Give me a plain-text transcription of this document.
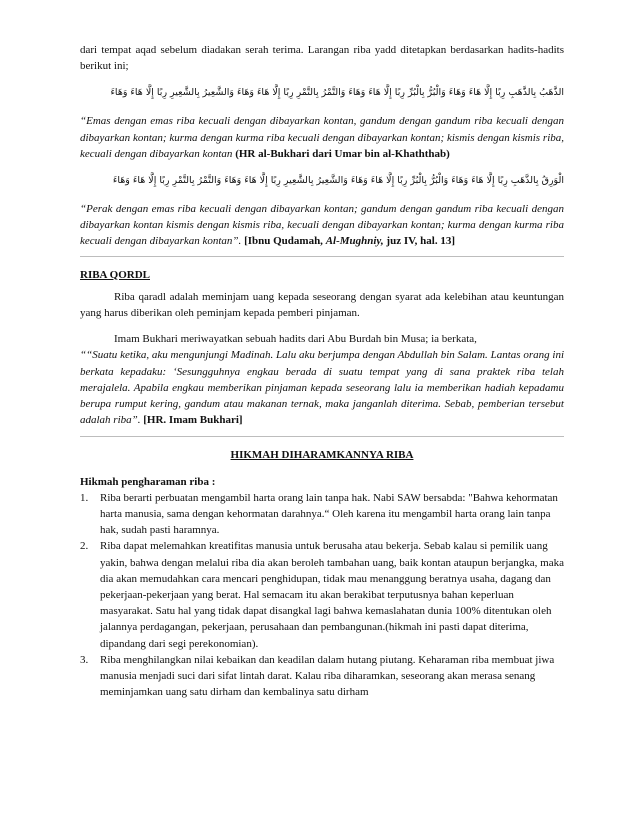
dari tempat aqad sebelum diadakan serah terima. Larangan riba yadd ditetapkan berdasarkan hadits-hadits berikut ini;

الذَّهَبُ بِالذَّهَبِ رِبًا إِلَّا هَاءَ وَهَاءَ وَالْبُرُّ بِالْبُرِّ رِبًا إِلَّا هَاءَ وَهَاءَ وَالتَّمْرُ بِالتَّمْرِ رِبًا إِلَّا هَاءَ وَهَاءَ وَالشَّعِيرُ بِالشَّعِيرِ رِبًا إِلَّا هَاءَ وَهَاءَ

“Emas dengan emas riba kecuali dengan dibayarkan kontan, gandum dengan gandum riba kecuali dengan dibayarkan kontan; kurma dengan kurma riba kecuali dengan dibayarkan kontan; kismis dengan kismis riba, kecuali dengan dibayarkan kontan (HR al-Bukhari dari Umar bin al-Khaththab)

الْوَرِقُ بِالذَّهَبِ رِبًا إِلَّا هَاءَ وَهَاءَ وَالْبُرُّ بِالْبُرِّ رِبًا إِلَّا هَاءَ وَهَاءَ وَالشَّعِيرُ بِالشَّعِيرِ رِبًا إِلَّا هَاءَ وَهَاءَ وَالتَّمْرُ بِالتَّمْرِ رِبًا إِلَّا هَاءَ وَهَاءَ

“Perak dengan emas riba kecuali dengan dibayarkan kontan; gandum dengan gandum riba kecuali dengan dibayarkan kontan kismis dengan kismis riba, kecuali dengan dibayarkan kontan; kurma dengan kurma riba kecuali dengan dibayarkan kontan”. [Ibnu Qudamah, Al-Mughniy, juz IV, hal. 13]

RIBA QORDL

Riba qaradl adalah meminjam uang kepada seseorang dengan syarat ada kelebihan atau keuntungan yang harus diberikan oleh peminjam kepada pemberi pinjaman.

Imam Bukhari meriwayatkan sebuah hadits dari Abu Burdah bin Musa; ia berkata,

““Suatu ketika, aku mengunjungi Madinah. Lalu aku berjumpa dengan Abdullah bin Salam. Lantas orang ini berkata kepadaku: ‘Sesungguhnya engkau berada di suatu tempat yang di sana praktek riba telah merajalela. Apabila engkau memberikan pinjaman kepada seseorang lalu ia memberikan hadiah kepadamu berupa rumput kering, gandum atau makanan ternak, maka janganlah diterima. Sebab, pemberian tersebut adalah riba”. [HR. Imam Bukhari]

HIKMAH DIHARAMKANNYA RIBA
Hikmah pengharaman riba :
1.	Riba berarti perbuatan mengambil harta orang lain tanpa hak. Nabi SAW bersabda: "Bahwa kehormatan harta manusia, sama dengan kehormatan darahnya.“ Oleh karena itu mengambil harta orang lain tanpa hak, sudah pasti haramnya.
2.	Riba dapat melemahkan kreatifitas manusia untuk berusaha atau bekerja. Sebab kalau si pemilik uang yakin, bahwa dengan melalui riba dia akan beroleh tambahan uang, baik kontan ataupun berjangka, maka dia akan memudahkan cara mencari penghidupan, tidak mau menanggung beratnya usaha, dagang dan pekerjaan-pekerjaan yang berat. Hal semacam itu akan berakibat terputusnya bahan keperluan masyarakat. Satu hal yang tidak dapat disangkal lagi bahwa kemaslahatan dunia 100% ditentukan oleh jalannya perdagangan, pekerjaan, perusahaan dan pembangunan.(hikmah ini pasti dapat diterima, dipandang dari segi perekonomian).
3.	Riba menghilangkan nilai kebaikan dan keadilan dalam hutang piutang. Keharaman riba membuat jiwa manusia menjadi suci dari sifat lintah darat. Kalau riba diharamkan, seseorang akan merasa senang meminjamkan uang satu dirham dan kembalinya satu dirham
